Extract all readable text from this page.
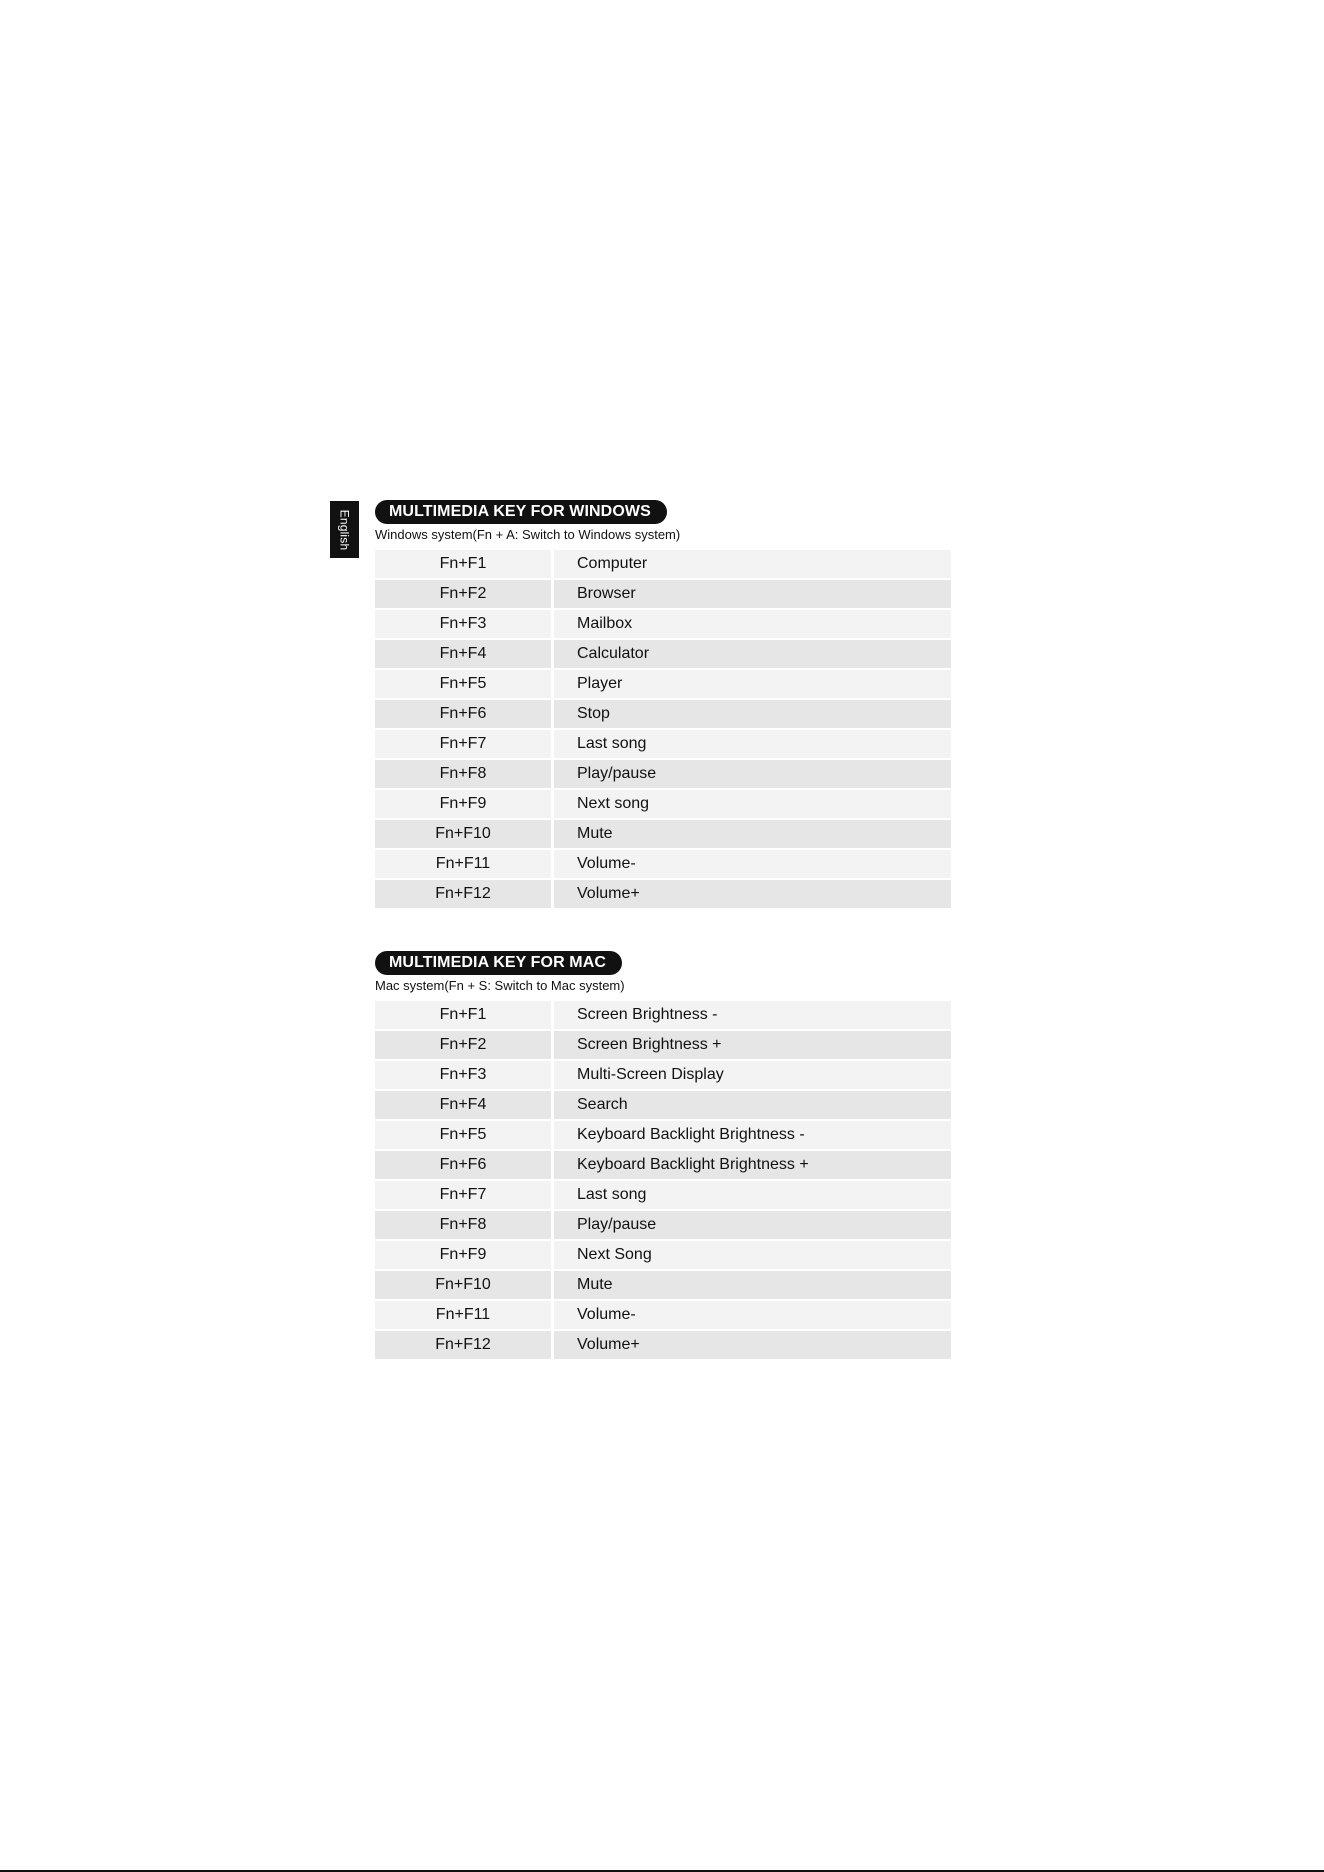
English	MULTIMEDIA KEY FOR WINDOWS
Windows system(Fn + A: Switch to Windows system)
Fn+F1	Computer
Fn+F2	Browser
Fn+F3	Mailbox
Fn+F4	Calculator
Fn+F5	Player
Fn+F6	Stop
Fn+F7	Last song
Fn+F8	Play/pause
Fn+F9	Next song
Fn+F10	Mute
Fn+F11	Volume-
Fn+F12	Volume+
MULTIMEDIA KEY FOR MAC
Mac system(Fn + S: Switch to Mac system)
Fn+F1	Screen Brightness -
Fn+F2	Screen Brightness +
Fn+F3	Multi-Screen Display
Fn+F4	Search
Fn+F5	Keyboard Backlight Brightness -
Fn+F6	Keyboard Backlight Brightness +
Fn+F7	Last song
Fn+F8	Play/pause
Fn+F9	Next Song
Fn+F10	Mute
Fn+F11	Volume-
Fn+F12	Volume+
